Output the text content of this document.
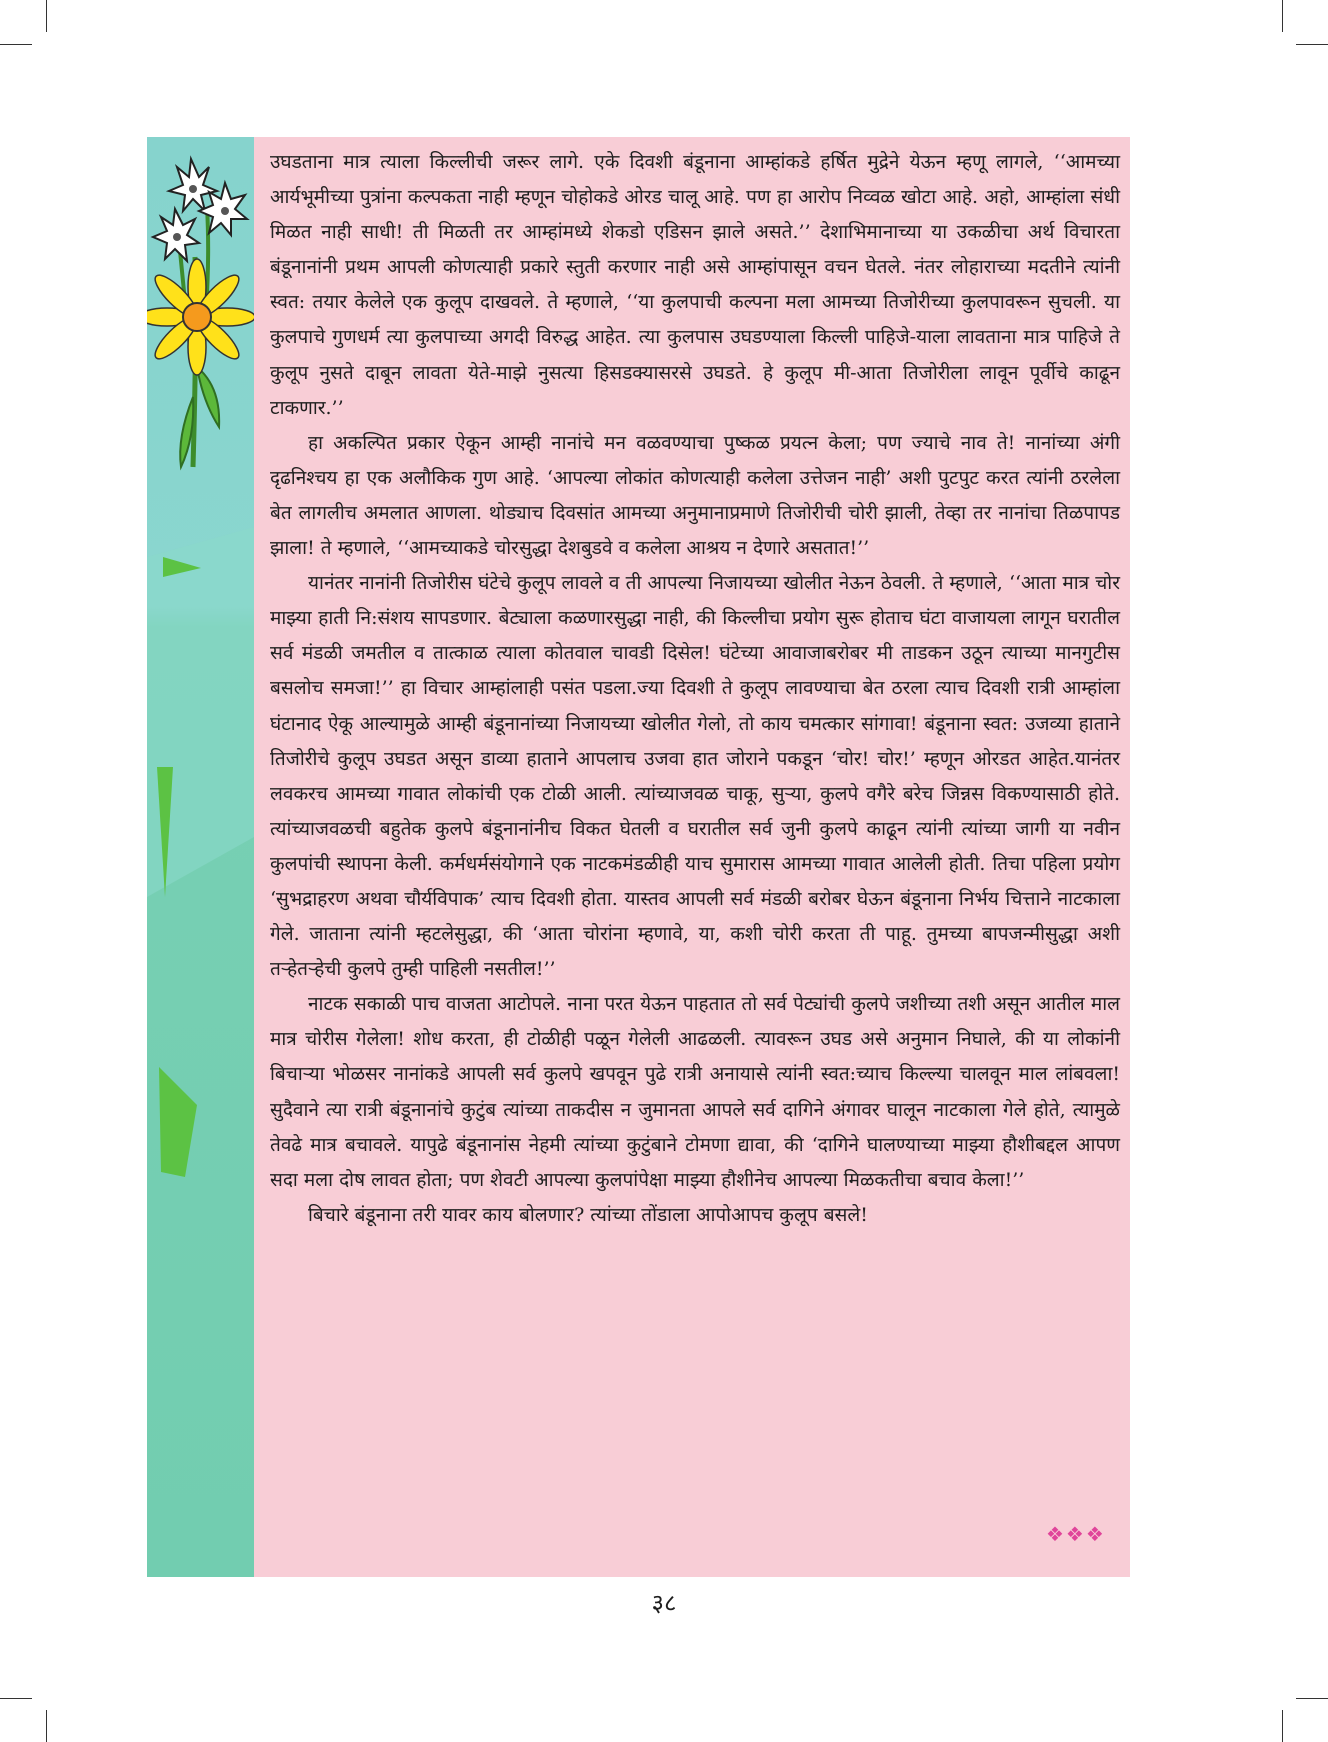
उघडताना मात्र त्याला किल्लीची जरूर लागे. एके दिवशी बंडूनाना आम्हांकडे हर्षित मुद्रेने येऊन म्हणू लागले, ‘‘आमच्या आर्यभूमीच्या पुत्रांना कल्पकता नाही म्हणून चोहोकडे ओरड चालू आहे. पण हा आरोप निव्वळ खोटा आहे. अहो, आम्हांला संधी मिळत नाही साधी! ती मिळती तर आम्हांमध्ये शेकडो एडिसन झाले असते.’’ देशाभिमानाच्या या उकळीचा अर्थ विचारता बंडूनानांनी प्रथम आपली कोणत्याही प्रकारे स्तुती करणार नाही असे आम्हांपासून वचन घेतले. नंतर लोहाराच्या मदतीने त्यांनी स्वत: तयार केलेले एक कुलूप दाखवले. ते म्हणाले, ‘‘या कुलपाची कल्पना मला आमच्या तिजोरीच्या कुलपावरून सुचली. या कुलपाचे गुणधर्म त्या कुलपाच्या अगदी विरुद्ध आहेत. त्या कुलपास उघडण्याला किल्ली पाहिजे-याला लावताना मात्र पाहिजे ते कुलूप नुसते दाबून लावता येते-माझे नुसत्या हिसडक्यासरसे उघडते. हे कुलूप मी-आता तिजोरीला लावून पूर्वीचे काढून टाकणार.’’

हा अकल्पित प्रकार ऐकून आम्ही नानांचे मन वळवण्याचा पुष्कळ प्रयत्न केला; पण ज्याचे नाव ते! नानांच्या अंगी दृढनिश्चय हा एक अलौकिक गुण आहे. ‘आपल्या लोकांत कोणत्याही कलेला उत्तेजन नाही’ अशी पुटपुट करत त्यांनी ठरलेला बेत लागलीच अमलात आणला. थोड्याच दिवसांत आमच्या अनुमानाप्रमाणे तिजोरीची चोरी झाली, तेव्हा तर नानांचा तिळपापड झाला! ते म्हणाले, ‘‘आमच्याकडे चोरसुद्धा देशबुडवे व कलेला आश्रय न देणारे असतात!’’

यानंतर नानांनी तिजोरीस घंटेचे कुलूप लावले व ती आपल्या निजायच्या खोलीत नेऊन ठेवली. ते म्हणाले, ‘‘आता मात्र चोर माझ्या हाती नि:संशय सापडणार. बेट्याला कळणारसुद्धा नाही, की किल्लीचा प्रयोग सुरू होताच घंटा वाजायला लागून घरातील सर्व मंडळी जमतील व तात्काळ त्याला कोतवाल चावडी दिसेल! घंटेच्या आवाजाबरोबर मी ताडकन उठून त्याच्या मानगुटीस बसलोच समजा!’’ हा विचार आम्हांलाही पसंत पडला.ज्या दिवशी ते कुलूप लावण्याचा बेत ठरला त्याच दिवशी रात्री आम्हांला घंटानाद ऐकू आल्यामुळे आम्ही बंडूनानांच्या निजायच्या खोलीत गेलो, तो काय चमत्कार सांगावा! बंडूनाना स्वत: उजव्या हाताने तिजोरीचे कुलूप उघडत असून डाव्या हाताने आपलाच उजवा हात जोराने पकडून ‘चोर! चोर!’ म्हणून ओरडत आहेत.यानंतर लवकरच आमच्या गावात लोकांची एक टोळी आली. त्यांच्याजवळ चाकू, सुऱ्या, कुलपे वगैरे बरेच जिन्नस विकण्यासाठी होते. त्यांच्याजवळची बहुतेक कुलपे बंडूनानांनीच विकत घेतली व घरातील सर्व जुनी कुलपे काढून त्यांनी त्यांच्या जागी या नवीन कुलपांची स्थापना केली. कर्मधर्मसंयोगाने एक नाटकमंडळीही याच सुमारास आमच्या गावात आलेली होती. तिचा पहिला प्रयोग ‘सुभद्राहरण अथवा चौर्यविपाक’ त्याच दिवशी होता. यास्तव आपली सर्व मंडळी बरोबर घेऊन बंडूनाना निर्भय चित्ताने नाटकाला गेले. जाताना त्यांनी म्हटलेसुद्धा, की ‘आता चोरांना म्हणावे, या, कशी चोरी करता ती पाहू. तुमच्या बापजन्मीसुद्धा अशी तऱ्हेतऱ्हेची कुलपे तुम्ही पाहिली नसतील!’’

नाटक सकाळी पाच वाजता आटोपले. नाना परत येऊन पाहतात तो सर्व पेट्यांची कुलपे जशीच्या तशी असून आतील माल मात्र चोरीस गेलेला! शोध करता, ही टोळीही पळून गेलेली आढळली. त्यावरून उघड असे अनुमान निघाले, की या लोकांनी बिचाऱ्या भोळसर नानांकडे आपली सर्व कुलपे खपवून पुढे रात्री अनायासे त्यांनी स्वत:च्याच किल्ल्या चालवून माल लांबवला! सुदैवाने त्या रात्री बंडूनानांचे कुटुंब त्यांच्या ताकदीस न जुमानता आपले सर्व दागिने अंगावर घालून नाटकाला गेले होते, त्यामुळे तेवढे मात्र बचावले. यापुढे बंडूनानांस नेहमी त्यांच्या कुटुंबाने टोमणा द्यावा, की ‘दागिने घालण्याच्या माझ्या हौशीबद्दल आपण सदा मला दोष लावत होता; पण शेवटी आपल्या कुलपांपेक्षा माझ्या हौशीनेच आपल्या मिळकतीचा बचाव केला!’’

बिचारे बंडूनाना तरी यावर काय बोलणार? त्यांच्या तोंडाला आपोआपच कुलूप बसले!

❖❖❖
३८
